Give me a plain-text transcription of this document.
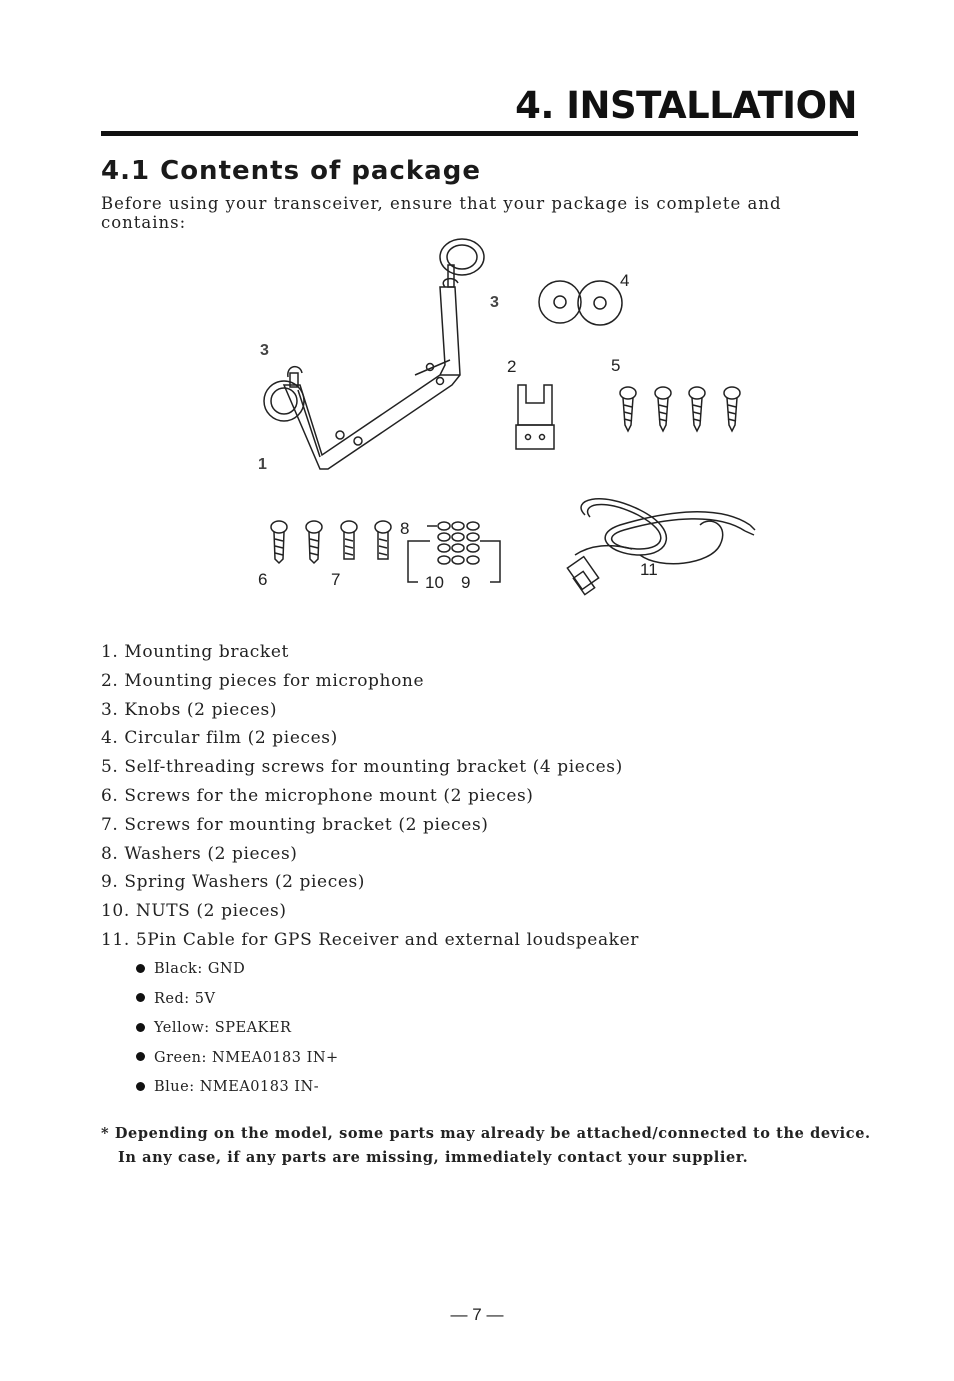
4. INSTALLATION
4.1 Contents of package
Before using your transceiver, ensure that your package is complete and contains:
3
3
1
4
2	5
8
6	7	10 9
11
1. Mounting bracket
2. Mounting pieces for microphone
3. Knobs (2 pieces)
4. Circular film (2 pieces)
5. Self-threading screws for mounting bracket (4 pieces)
6. Screws for the microphone mount (2 pieces)
7. Screws for mounting bracket (2 pieces)
8. Washers (2 pieces)
9. Spring Washers (2 pieces)
10. NUTS (2 pieces)
11. 5Pin Cable for GPS Receiver and external loudspeaker
Black: GND
Red: 5V
Yellow: SPEAKER
Green: NMEA0183 IN+
Blue: NMEA0183 IN-
* Depending on the model, some parts may already be attached/connected to the device.
In any case, if any parts are missing, immediately contact your supplier.
— 7 —
